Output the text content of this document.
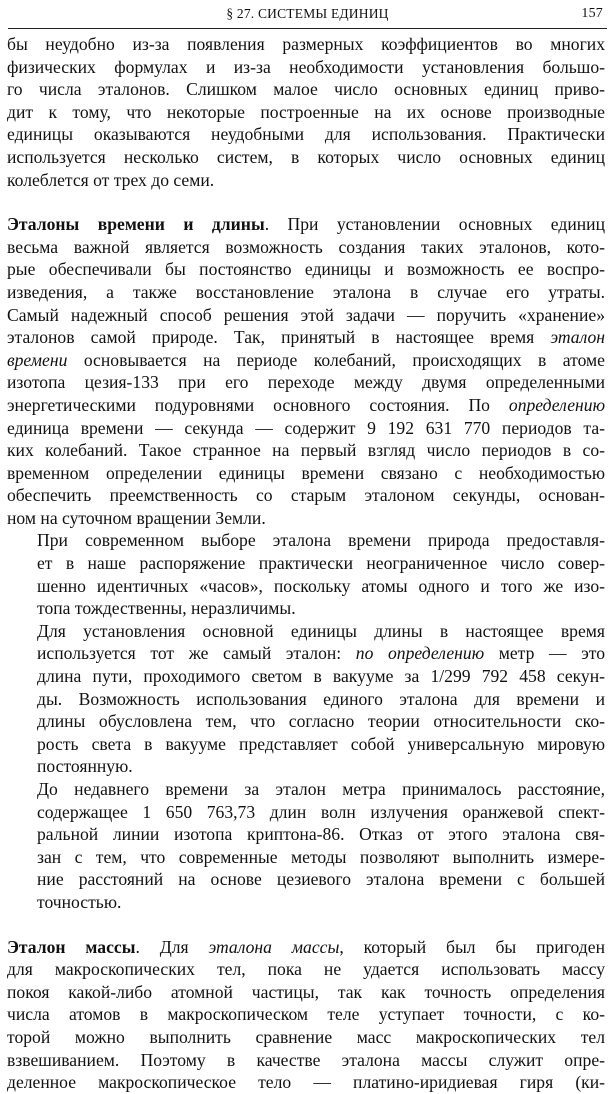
§ 27. СИСТЕМЫ ЕДИНИЦ	157

бы неудобно из-за появления размерных коэффициентов во многих
физических формулах и из-за необходимости установления большо-
го числа эталонов. Слишком малое число основных единиц приво-
дит к тому, что некоторые построенные на их основе производные
единицы оказываются неудобными для использования. Практически
используется несколько систем, в которых число основных единиц
колеблется от трех до семи.

Эталоны времени и длины. При установлении основных единиц
весьма важной является возможность создания таких эталонов, кото-
рые обеспечивали бы постоянство единицы и возможность ее воспро-
изведения, а также восстановление эталона в случае его утраты.
Самый надежный способ решения этой задачи — поручить «хранение»
эталонов самой природе. Так, принятый в настоящее время эталон
времени основывается на периоде колебаний, происходящих в атоме
изотопа цезия-133 при его переходе между двумя определенными
энергетическими подуровнями основного состояния. По определению
единица времени — секунда — содержит 9 192 631 770 периодов та-
ких колебаний. Такое странное на первый взгляд число периодов в со-
временном определении единицы времени связано с необходимостью
обеспечить преемственность со старым эталоном секунды, основан-
ном на суточном вращении Земли.

При современном выборе эталона времени природа предоставля-
ет в наше распоряжение практически неограниченное число совер-
шенно идентичных «часов», поскольку атомы одного и того же изо-
топа тождественны, неразличимы.

Для установления основной единицы длины в настоящее время
используется тот же самый эталон: по определению метр — это
длина пути, проходимого светом в вакууме за 1/299 792 458 секун-
ды. Возможность использования единого эталона для времени и
длины обусловлена тем, что согласно теории относительности ско-
рость света в вакууме представляет собой универсальную мировую
постоянную.

До недавнего времени за эталон метра принималось расстояние,
содержащее 1 650 763,73 длин волн излучения оранжевой спект-
ральной линии изотопа криптона-86. Отказ от этого эталона свя-
зан с тем, что современные методы позволяют выполнить измере-
ние расстояний на основе цезиевого эталона времени с большей
точностью.

Эталон массы. Для эталона массы, который был бы пригоден
для макроскопических тел, пока не удается использовать массу
покоя какой-либо атомной частицы, так как точность определения
числа атомов в макроскопическом теле уступает точности, с ко-
торой можно выполнить сравнение масс макроскопических тел
взвешиванием. Поэтому в качестве эталона массы служит опре-
деленное макроскопическое тело — платино-иридиевая гиря (ки-
